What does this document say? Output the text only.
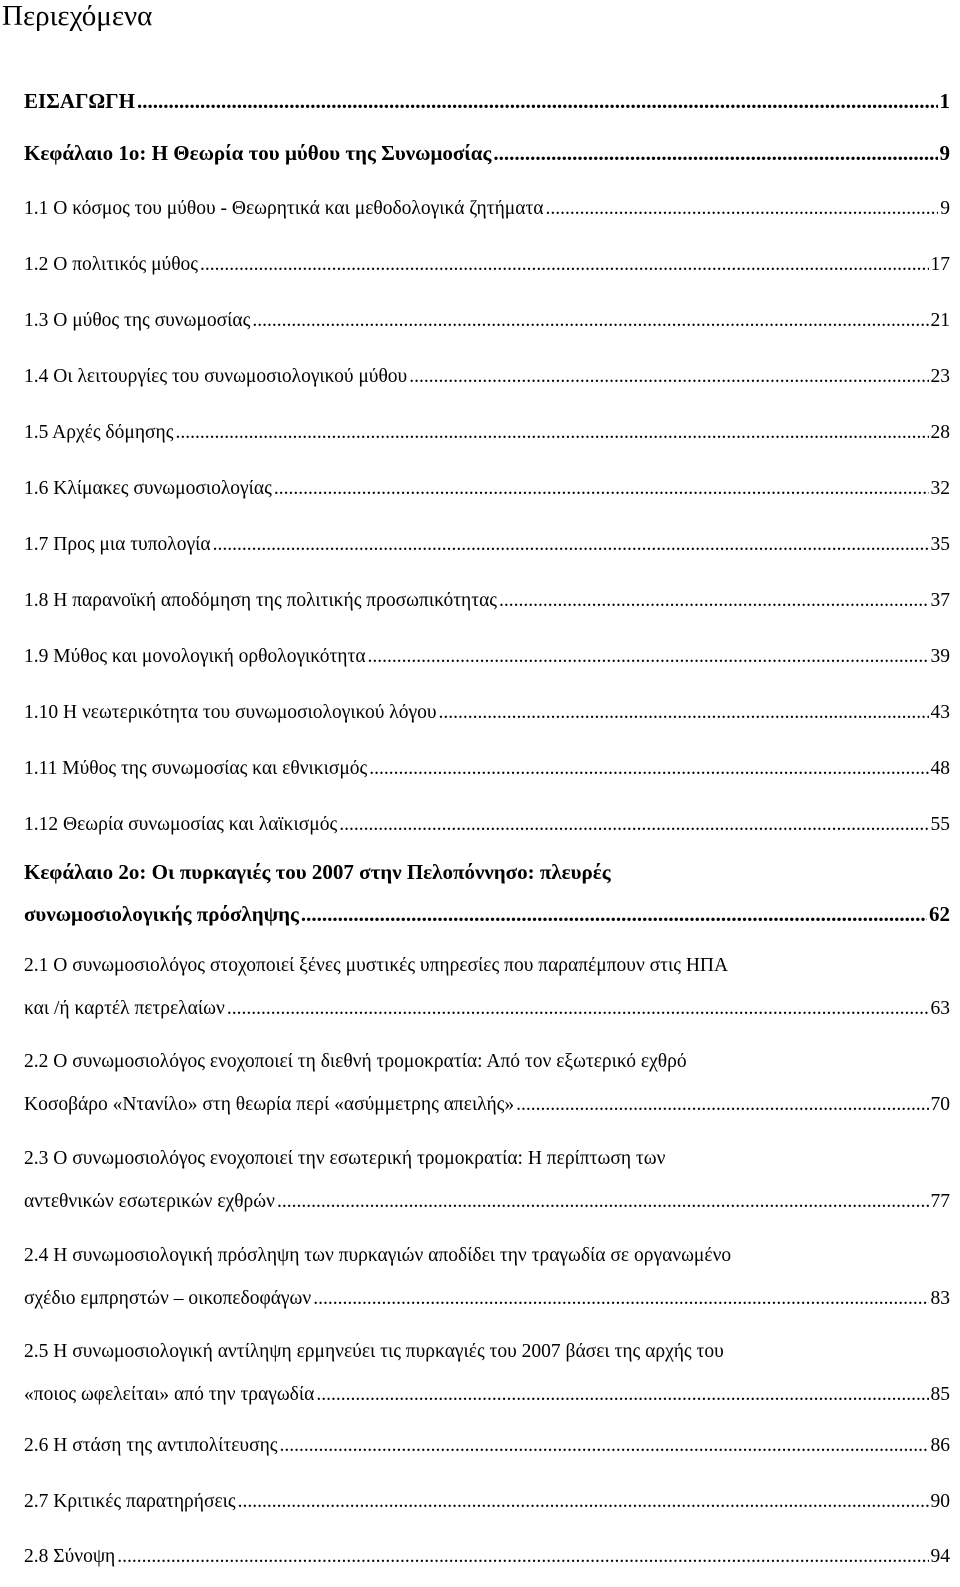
Περιεχόμενα
ΕΙΣΑΓΩΓΗ .....	1
Κεφάλαιο 1ο: Η Θεωρία του μύθου της Συνωμοσίας .....	9
1.1 Ο κόσμος του μύθου - Θεωρητικά και μεθοδολογικά ζητήματα .....	9
1.2 Ο πολιτικός μύθος .....	17
1.3 Ο μύθος της συνωμοσίας .....	21
1.4 Οι λειτουργίες του συνωμοσιολογικού μύθου .....	23
1.5 Αρχές δόμησης .....	28
1.6 Κλίμακες συνωμοσιολογίας .....	32
1.7 Προς μια τυπολογία .....	35
1.8 Η παρανοϊκή αποδόμηση της πολιτικής προσωπικότητας .....	37
1.9 Μύθος και μονολογική ορθολογικότητα .....	39
1.10 Η νεωτερικότητα του συνωμοσιολογικού λόγου .....	43
1.11 Μύθος της συνωμοσίας και εθνικισμός .....	48
1.12 Θεωρία συνωμοσίας και λαϊκισμός .....	55
Κεφάλαιο 2ο: Οι πυρκαγιές του 2007 στην Πελοπόννησο: πλευρές
συνωμοσιολογικής πρόσληψης .....	62
2.1 Ο συνωμοσιολόγος στοχοποιεί ξένες μυστικές υπηρεσίες που παραπέμπουν στις ΗΠΑ
και /ή καρτέλ πετρελαίων .....	63
2.2 Ο συνωμοσιολόγος ενοχοποιεί τη διεθνή τρομοκρατία: Από τον εξωτερικό εχθρό
Κοσοβάρο «Ντανίλο» στη θεωρία περί «ασύμμετρης απειλής» .....	70
2.3 Ο συνωμοσιολόγος ενοχοποιεί την εσωτερική τρομοκρατία: Η περίπτωση των
αντεθνικών εσωτερικών εχθρών .....	77
2.4 Η συνωμοσιολογική πρόσληψη των πυρκαγιών αποδίδει την τραγωδία σε οργανωμένο
σχέδιο εμπρηστών – οικοπεδοφάγων .....	83
2.5 Η συνωμοσιολογική αντίληψη ερμηνεύει τις πυρκαγιές του 2007 βάσει της αρχής του
«ποιος ωφελείται» από την τραγωδία .....	85
2.6 Η στάση της αντιπολίτευσης .....	86
2.7 Κριτικές παρατηρήσεις .....	90
2.8 Σύνοψη .....	94
